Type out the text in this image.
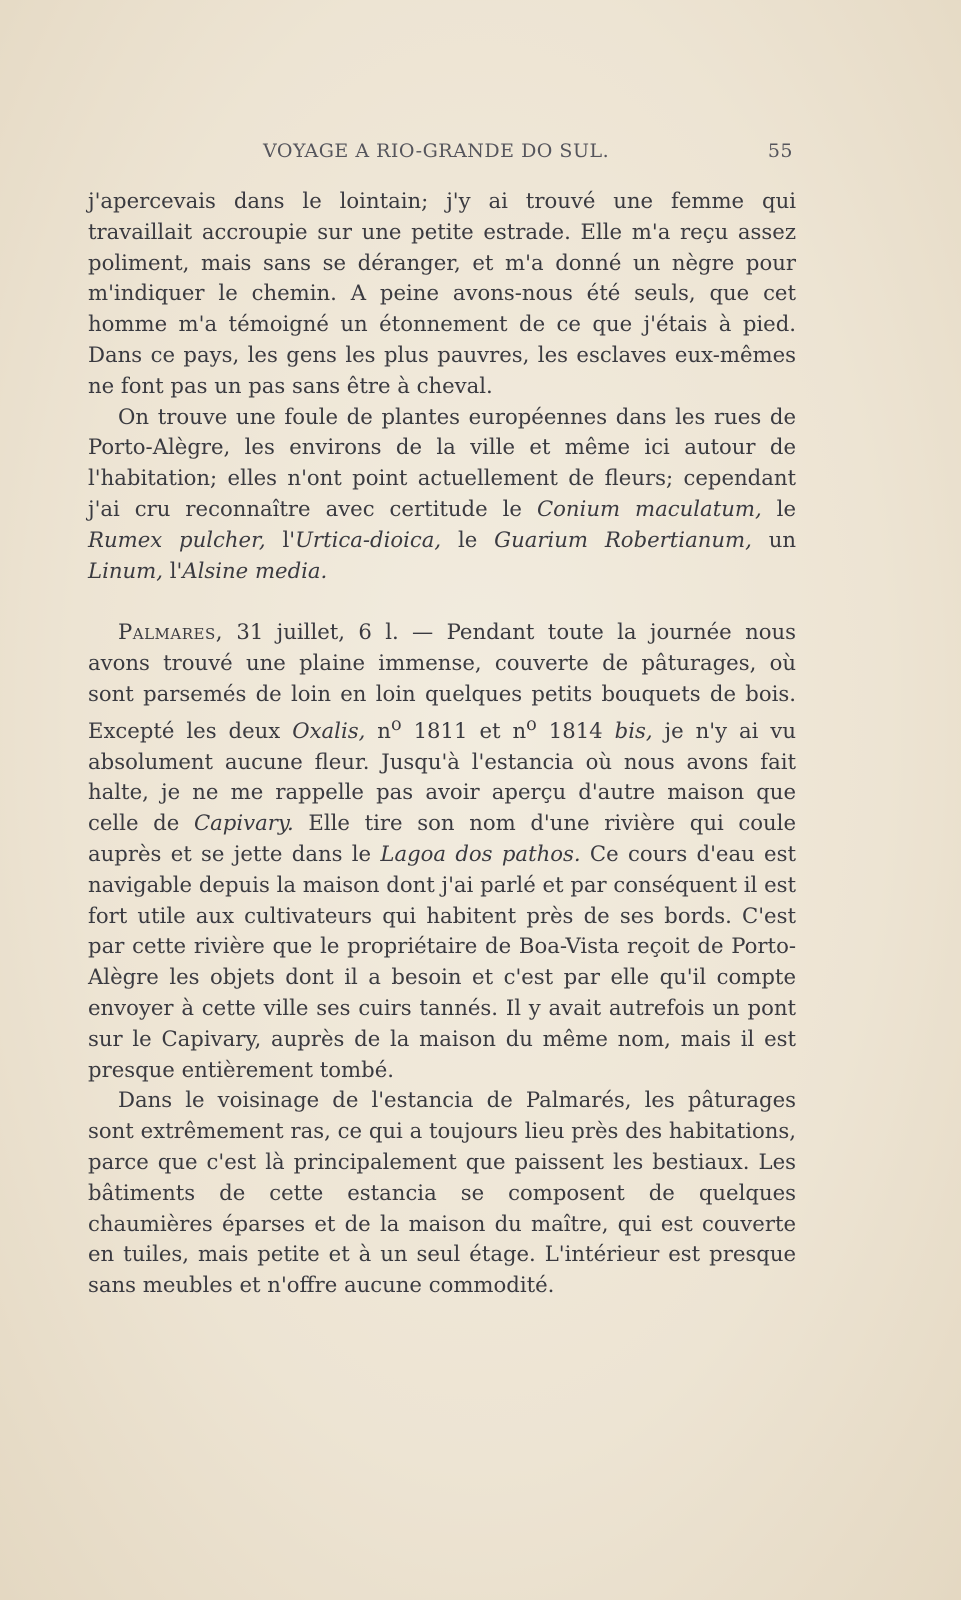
VOYAGE A RIO-GRANDE DO SUL.	55

j'apercevais dans le lointain; j'y ai trouvé une femme qui travaillait accroupie sur une petite estrade. Elle m'a reçu assez poliment, mais sans se déranger, et m'a donné un nègre pour m'indiquer le chemin. A peine avons-nous été seuls, que cet homme m'a témoigné un étonnement de ce que j'étais à pied. Dans ce pays, les gens les plus pauvres, les esclaves eux-mêmes ne font pas un pas sans être à cheval.

On trouve une foule de plantes européennes dans les rues de Porto-Alègre, les environs de la ville et même ici autour de l'habitation; elles n'ont point actuellement de fleurs; cependant j'ai cru reconnaître avec certitude le Conium maculatum, le Rumex pulcher, l'Urtica-dioica, le Guarium Robertianum, un Linum, l'Alsine media.

Palmares, 31 juillet, 6 l. — Pendant toute la journée nous avons trouvé une plaine immense, couverte de pâturages, où sont parsemés de loin en loin quelques petits bouquets de bois. Excepté les deux Oxalis, $n^o$ 1811 et $n^o$ 1814 bis, je n'y ai vu absolument aucune fleur. Jusqu'à l'estancia où nous avons fait halte, je ne me rappelle pas avoir aperçu d'autre maison que celle de Capivary. Elle tire son nom d'une rivière qui coule auprès et se jette dans le Lagoa dos pathos. Ce cours d'eau est navigable depuis la maison dont j'ai parlé et par conséquent il est fort utile aux cultivateurs qui habitent près de ses bords. C'est par cette rivière que le propriétaire de Boa-Vista reçoit de Porto-Alègre les objets dont il a besoin et c'est par elle qu'il compte envoyer à cette ville ses cuirs tannés. Il y avait autrefois un pont sur le Capivary, auprès de la maison du même nom, mais il est presque entièrement tombé.

Dans le voisinage de l'estancia de Palmarés, les pâturages sont extrêmement ras, ce qui a toujours lieu près des habitations, parce que c'est là principalement que paissent les bestiaux. Les bâtiments de cette estancia se composent de quelques chaumières éparses et de la maison du maître, qui est couverte en tuiles, mais petite et à un seul étage. L'intérieur est presque sans meubles et n'offre aucune commodité.
